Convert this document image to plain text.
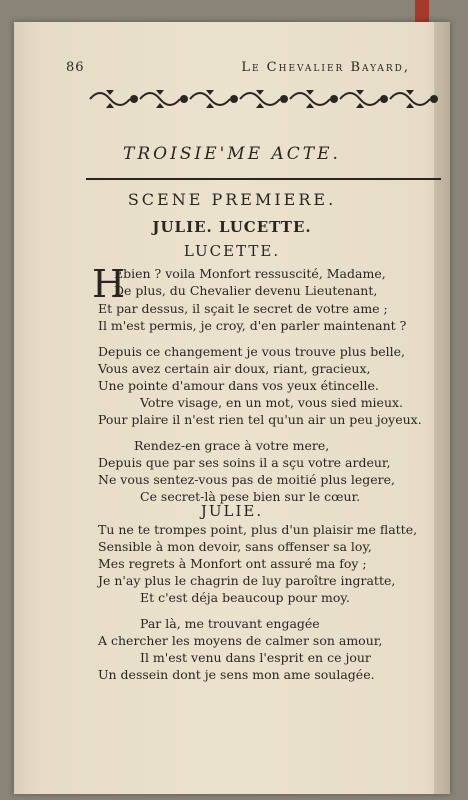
86	Le Chevalier Bayard,
TROISIE'ME ACTE.
SCENE PREMIERE.
JULIE. LUCETTE.
LUCETTE.
H
Ebien ? voila Monfort ressuscité, Madame,
De plus, du Chevalier devenu Lieutenant,
Et par dessus, il sçait le secret de votre ame ;
Il m'est permis, je croy, d'en parler maintenant ?
Depuis ce changement je vous trouve plus belle,
Vous avez certain air doux, riant, gracieux,
Une pointe d'amour dans vos yeux étincelle.
Votre visage, en un mot, vous sied mieux.
Pour plaire il n'est rien tel qu'un air un peu joyeux.
Rendez-en grace à votre mere,
Depuis que par ses soins il a sçu votre ardeur,
Ne vous sentez-vous pas de moitié plus legere,
Ce secret-là pese bien sur le cœur.
JULIE.
Tu ne te trompes point, plus d'un plaisir me flatte,
Sensible à mon devoir, sans offenser sa loy,
Mes regrets à Monfort ont assuré ma foy ;
Je n'ay plus le chagrin de luy paroître ingratte,
Et c'est déja beaucoup pour moy.
Par là, me trouvant engagée
A chercher les moyens de calmer son amour,
Il m'est venu dans l'esprit en ce jour
Un dessein dont je sens mon ame soulagée.
